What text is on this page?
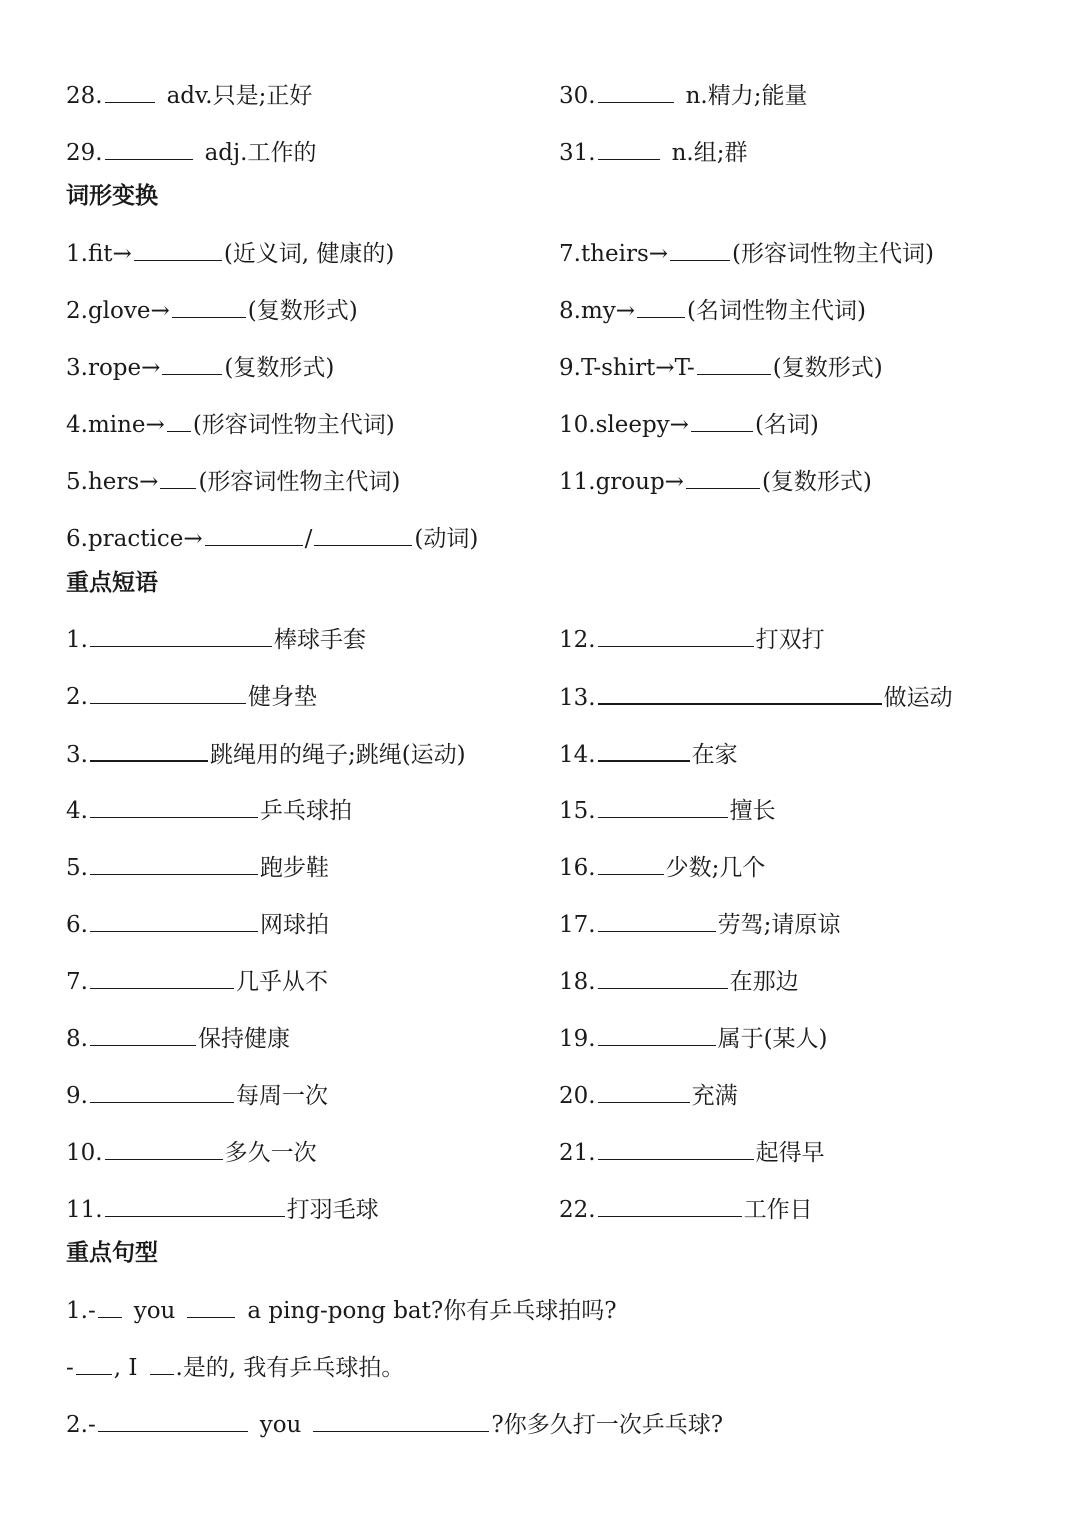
28.	adv.只是;正好
29.	adj.工作的
30.	n.精力;能量
31.	n.组;群
词形变换
1.fit→	(近义词, 健康的)
2.glove→	(复数形式)
3.rope→	(复数形式)
4.mine→ (形容词性物主代词)
5.hers→ (形容词性物主代词)
6.practice→	/	(动词)
7.theirs→	(形容词性物主代词)
8.my→ (名词性物主代词)
9.T-shirt→T-	(复数形式)
10.sleepy→	(名词)
11.group→	(复数形式)
重点短语
1.	棒球手套
2.	健身垫
3.	跳绳用的绳子;跳绳(运动)
4.	乒乓球拍
5.	跑步鞋
6.	网球拍
7.	几乎从不
8.	保持健康
9.	每周一次
10.	多久一次
11.	打羽毛球
12.	打双打
13.	做运动
14.	在家
15.	擅长
16.	少数;几个
17.	劳驾;请原谅
18.	在那边
19.	属于(某人)
20.	充满
21.	起得早
22.	工作日
重点句型
1.- you	a ping-pong bat?你有乒乓球拍吗?
- , I .是的, 我有乒乓球拍。
2.-	you	?你多久打一次乒乓球?
